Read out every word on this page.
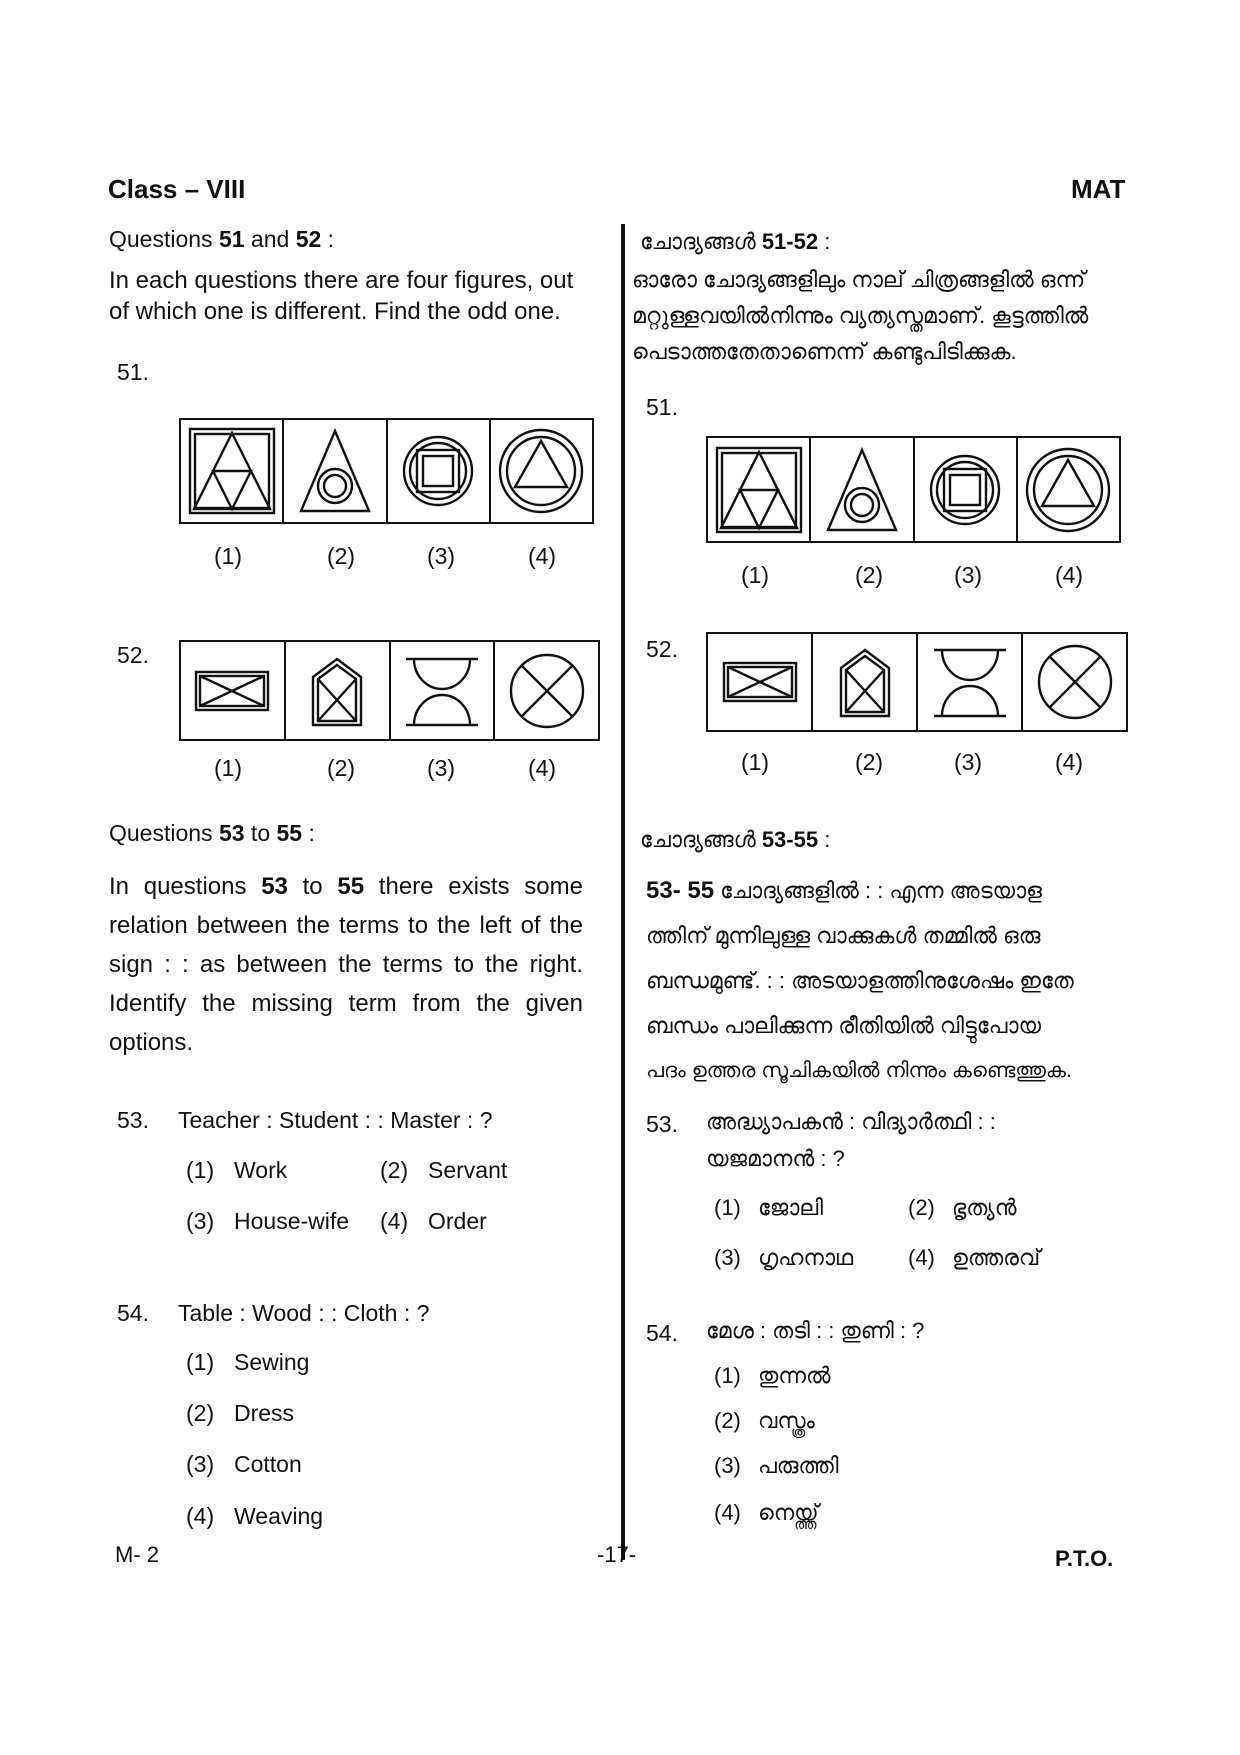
Class – VIII	MAT
Questions 51 and 52 :
In each questions there are four figures, out of which one is different. Find the odd one.
51.
(1)	(2)	(3)	(4)
52.
(1)	(2)	(3)	(4)
Questions 53 to 55 :
In questions 53 to 55 there exists some relation between the terms to the left of the sign : : as between the terms to the right. Identify the missing term from the given options.
53. Teacher : Student : : Master : ?
(1) Work	(2) Servant
(3) House-wife (4) Order
54. Table : Wood : : Cloth : ?
(1) Sewing
(2) Dress
(3) Cotton
(4) Weaving
ചോദ്യങ്ങൾ 51-52 :
ഓരോ ചോദ്യങ്ങളിലും നാല് ചിത്രങ്ങളിൽ ഒന്ന് മറ്റുള്ളവയിൽനിന്നും വ്യത്യസ്തമാണ്. കൂട്ടത്തിൽ പെടാത്തതേതാണെന്ന് കണ്ടുപിടിക്കുക.
51.
(1)	(2)	(3)	(4)
52.
(1)	(2)	(3)	(4)
ചോദ്യങ്ങൾ 53-55 :
53- 55 ചോദ്യങ്ങളിൽ : : എന്ന അടയാള
ത്തിന് മുന്നിലുള്ള വാക്കുകൾ തമ്മിൽ ഒരു
ബന്ധമുണ്ട്. : : അടയാളത്തിനുശേഷം ഇതേ
ബന്ധം പാലിക്കുന്ന രീതിയിൽ വിട്ടുപോയ
പദം ഉത്തര സൂചികയിൽ നിന്നും കണ്ടെത്തുക.
53. അദ്ധ്യാപകൻ : വിദ്യാർത്ഥി : :
യജമാനൻ : ?
(1) ജോലി	(2) ഭൃത്യൻ
(3) ഗൃഹനാഥ (4) ഉത്തരവ്
54. മേശ : തടി : : തുണി : ?
(1) തുന്നൽ
(2) വസ്ത്രം
(3) പരുത്തി
(4) നെയ്ത്ത്
M- 2	-17-	P.T.O.
